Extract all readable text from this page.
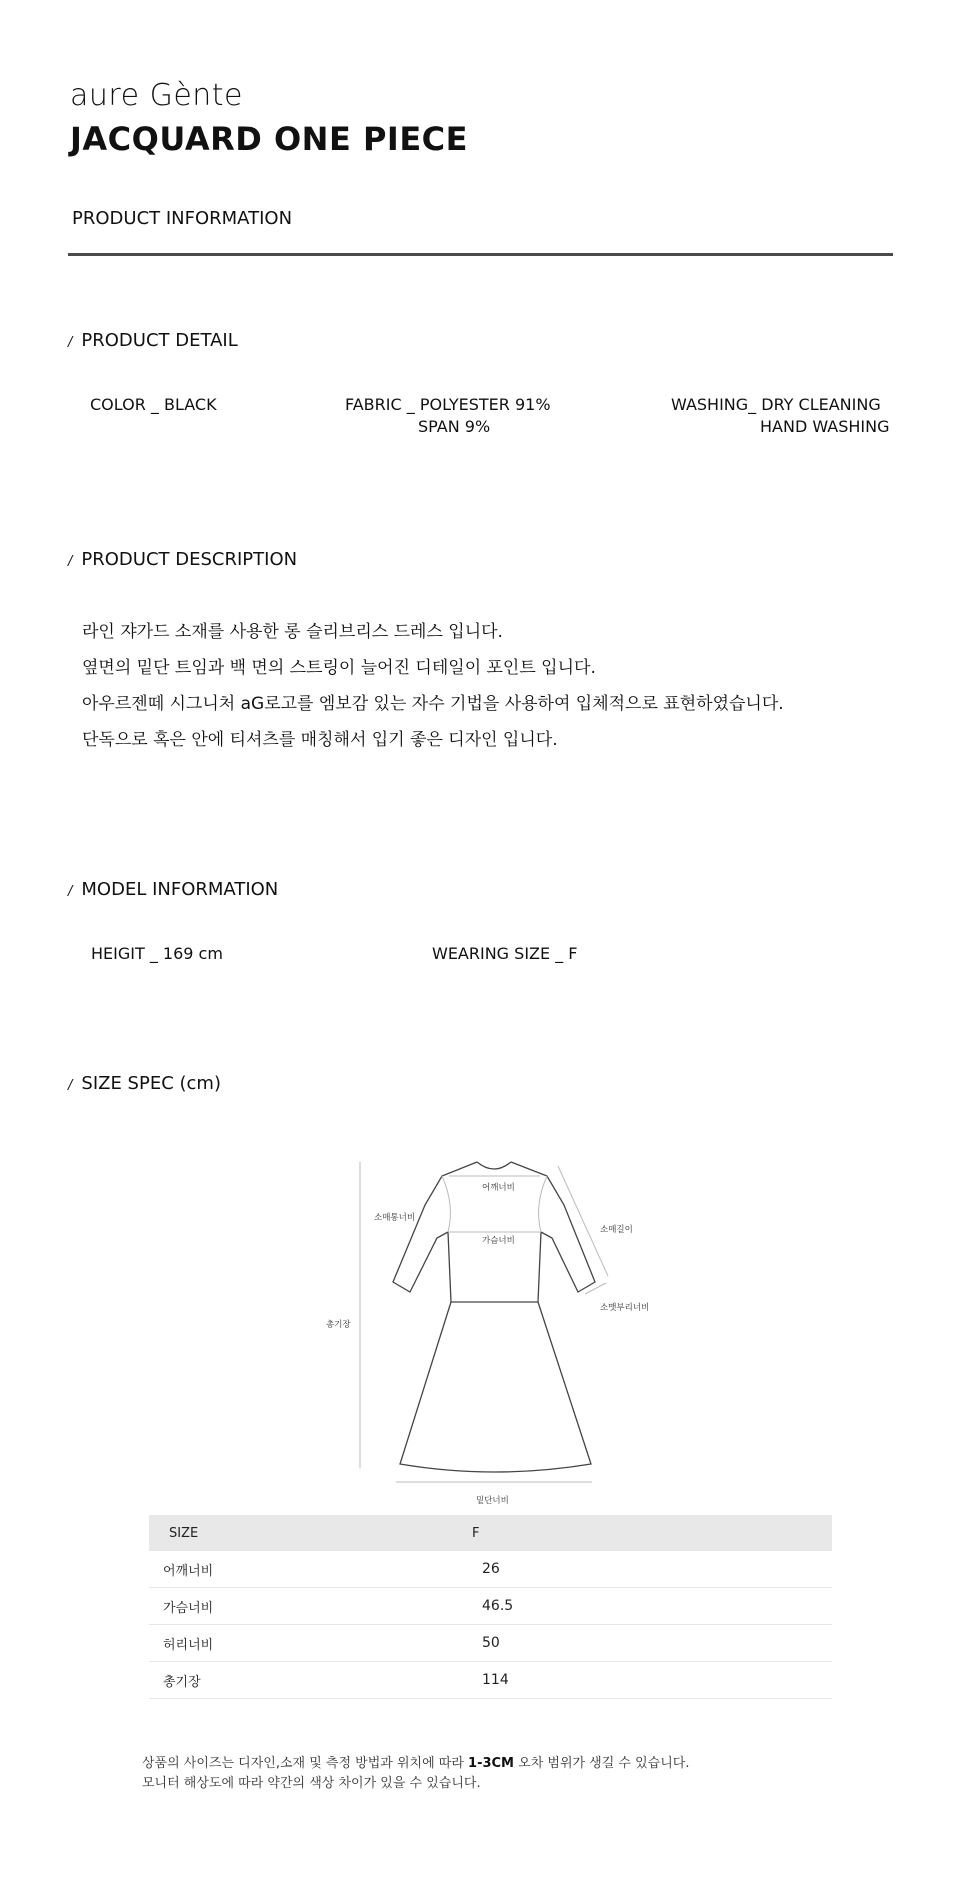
aure Gènte
JACQUARD ONE PIECE
PRODUCT INFORMATION
/ PRODUCT DETAIL
COLOR _ BLACK	FABRIC _ POLYESTER 91%
SPAN 9%
WASHING_ DRY CLEANING
HAND WASHING
/ PRODUCT DESCRIPTION
라인 쟈가드 소재를 사용한 롱 슬리브리스 드레스 입니다.
옆면의 밑단 트임과 백 면의 스트링이 늘어진 디테일이 포인트 입니다.
아우르젠떼 시그니처 aG로고를 엠보감 있는 자수 기법을 사용하여 입체적으로 표현하였습니다.
단독으로 혹은 안에 티셔츠를 매칭해서 입기 좋은 디자인 입니다.
/ MODEL INFORMATION
HEIGIT _ 169 cm	WEARING SIZE _ F
/ SIZE SPEC (cm)
어깨너비
소매통너비
가슴너비
소매길이
소맷부리너비
총기장
밑단너비
SIZE	F
어깨너비	26
가슴너비	46.5
허리너비	50
총기장	114
상품의 사이즈는 디자인,소재 및 측정 방법과 위치에 따라 1-3CM 오차 범위가 생길 수 있습니다.
모니터 해상도에 따라 약간의 색상 차이가 있을 수 있습니다.
